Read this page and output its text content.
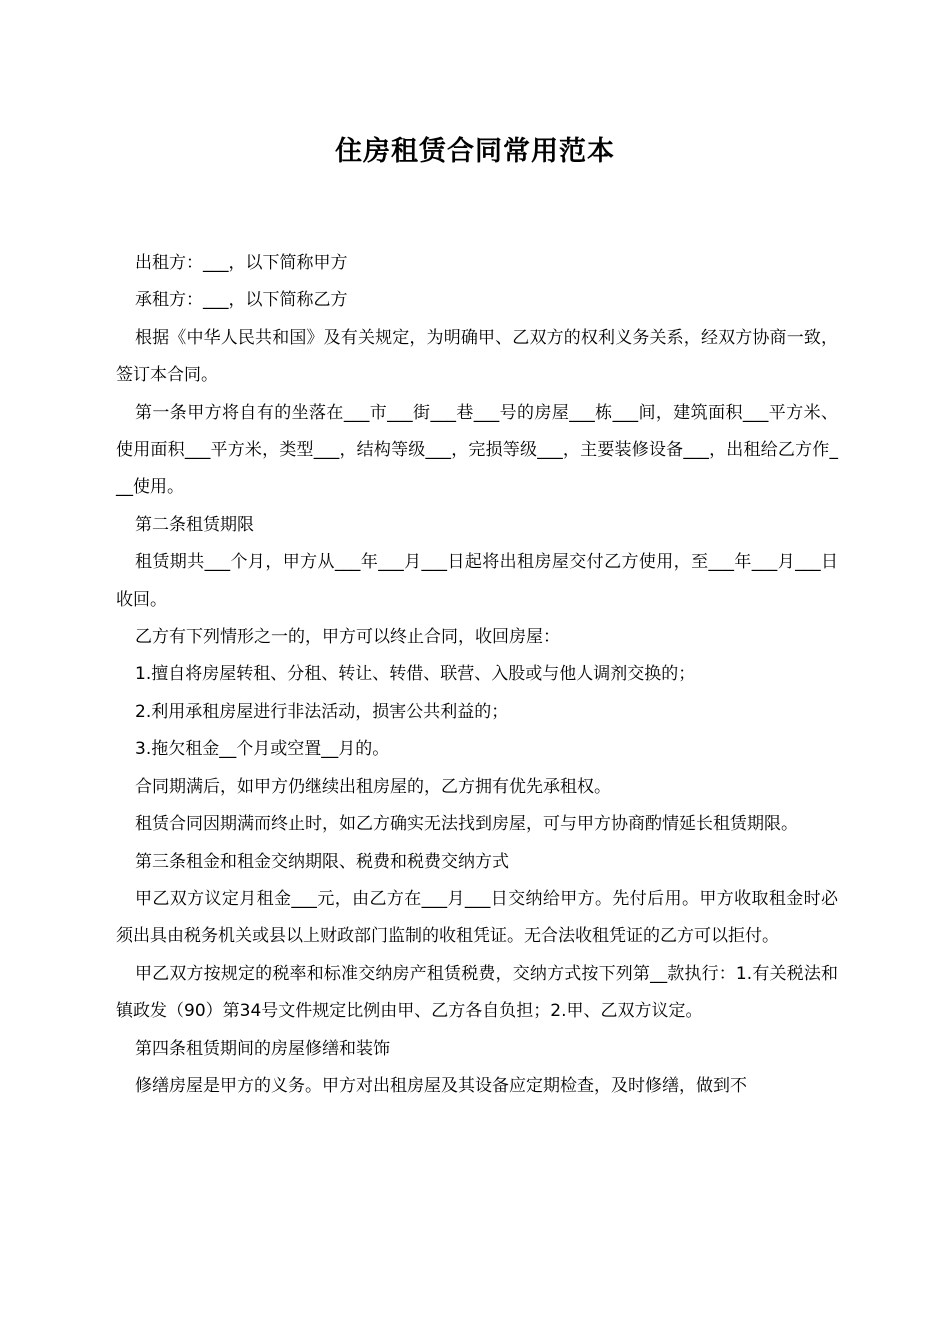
住房租赁合同常用范本

出租方：___，以下简称甲方

承租方：___，以下简称乙方

根据《中华人民共和国》及有关规定，为明确甲、乙双方的权利义务关系，经双方协商一致，签订本合同。

第一条甲方将自有的坐落在___市___街___巷___号的房屋___栋___间，建筑面积___平方米、使用面积___平方米，类型___，结构等级___，完损等级___，主要装修设备___，出租给乙方作___使用。

第二条租赁期限

租赁期共___个月，甲方从___年___月___日起将出租房屋交付乙方使用，至___年___月___日收回。

乙方有下列情形之一的，甲方可以终止合同，收回房屋：

1.擅自将房屋转租、分租、转让、转借、联营、入股或与他人调剂交换的；

2.利用承租房屋进行非法活动，损害公共利益的；

3.拖欠租金__个月或空置__月的。

合同期满后，如甲方仍继续出租房屋的，乙方拥有优先承租权。

租赁合同因期满而终止时，如乙方确实无法找到房屋，可与甲方协商酌情延长租赁期限。

第三条租金和租金交纳期限、税费和税费交纳方式

甲乙双方议定月租金___元，由乙方在___月___日交纳给甲方。先付后用。甲方收取租金时必须出具由税务机关或县以上财政部门监制的收租凭证。无合法收租凭证的乙方可以拒付。

甲乙双方按规定的税率和标准交纳房产租赁税费，交纳方式按下列第__款执行：1.有关税法和镇政发（90）第34号文件规定比例由甲、乙方各自负担；2.甲、乙双方议定。

第四条租赁期间的房屋修缮和装饰

修缮房屋是甲方的义务。甲方对出租房屋及其设备应定期检查，及时修缮，做到不
